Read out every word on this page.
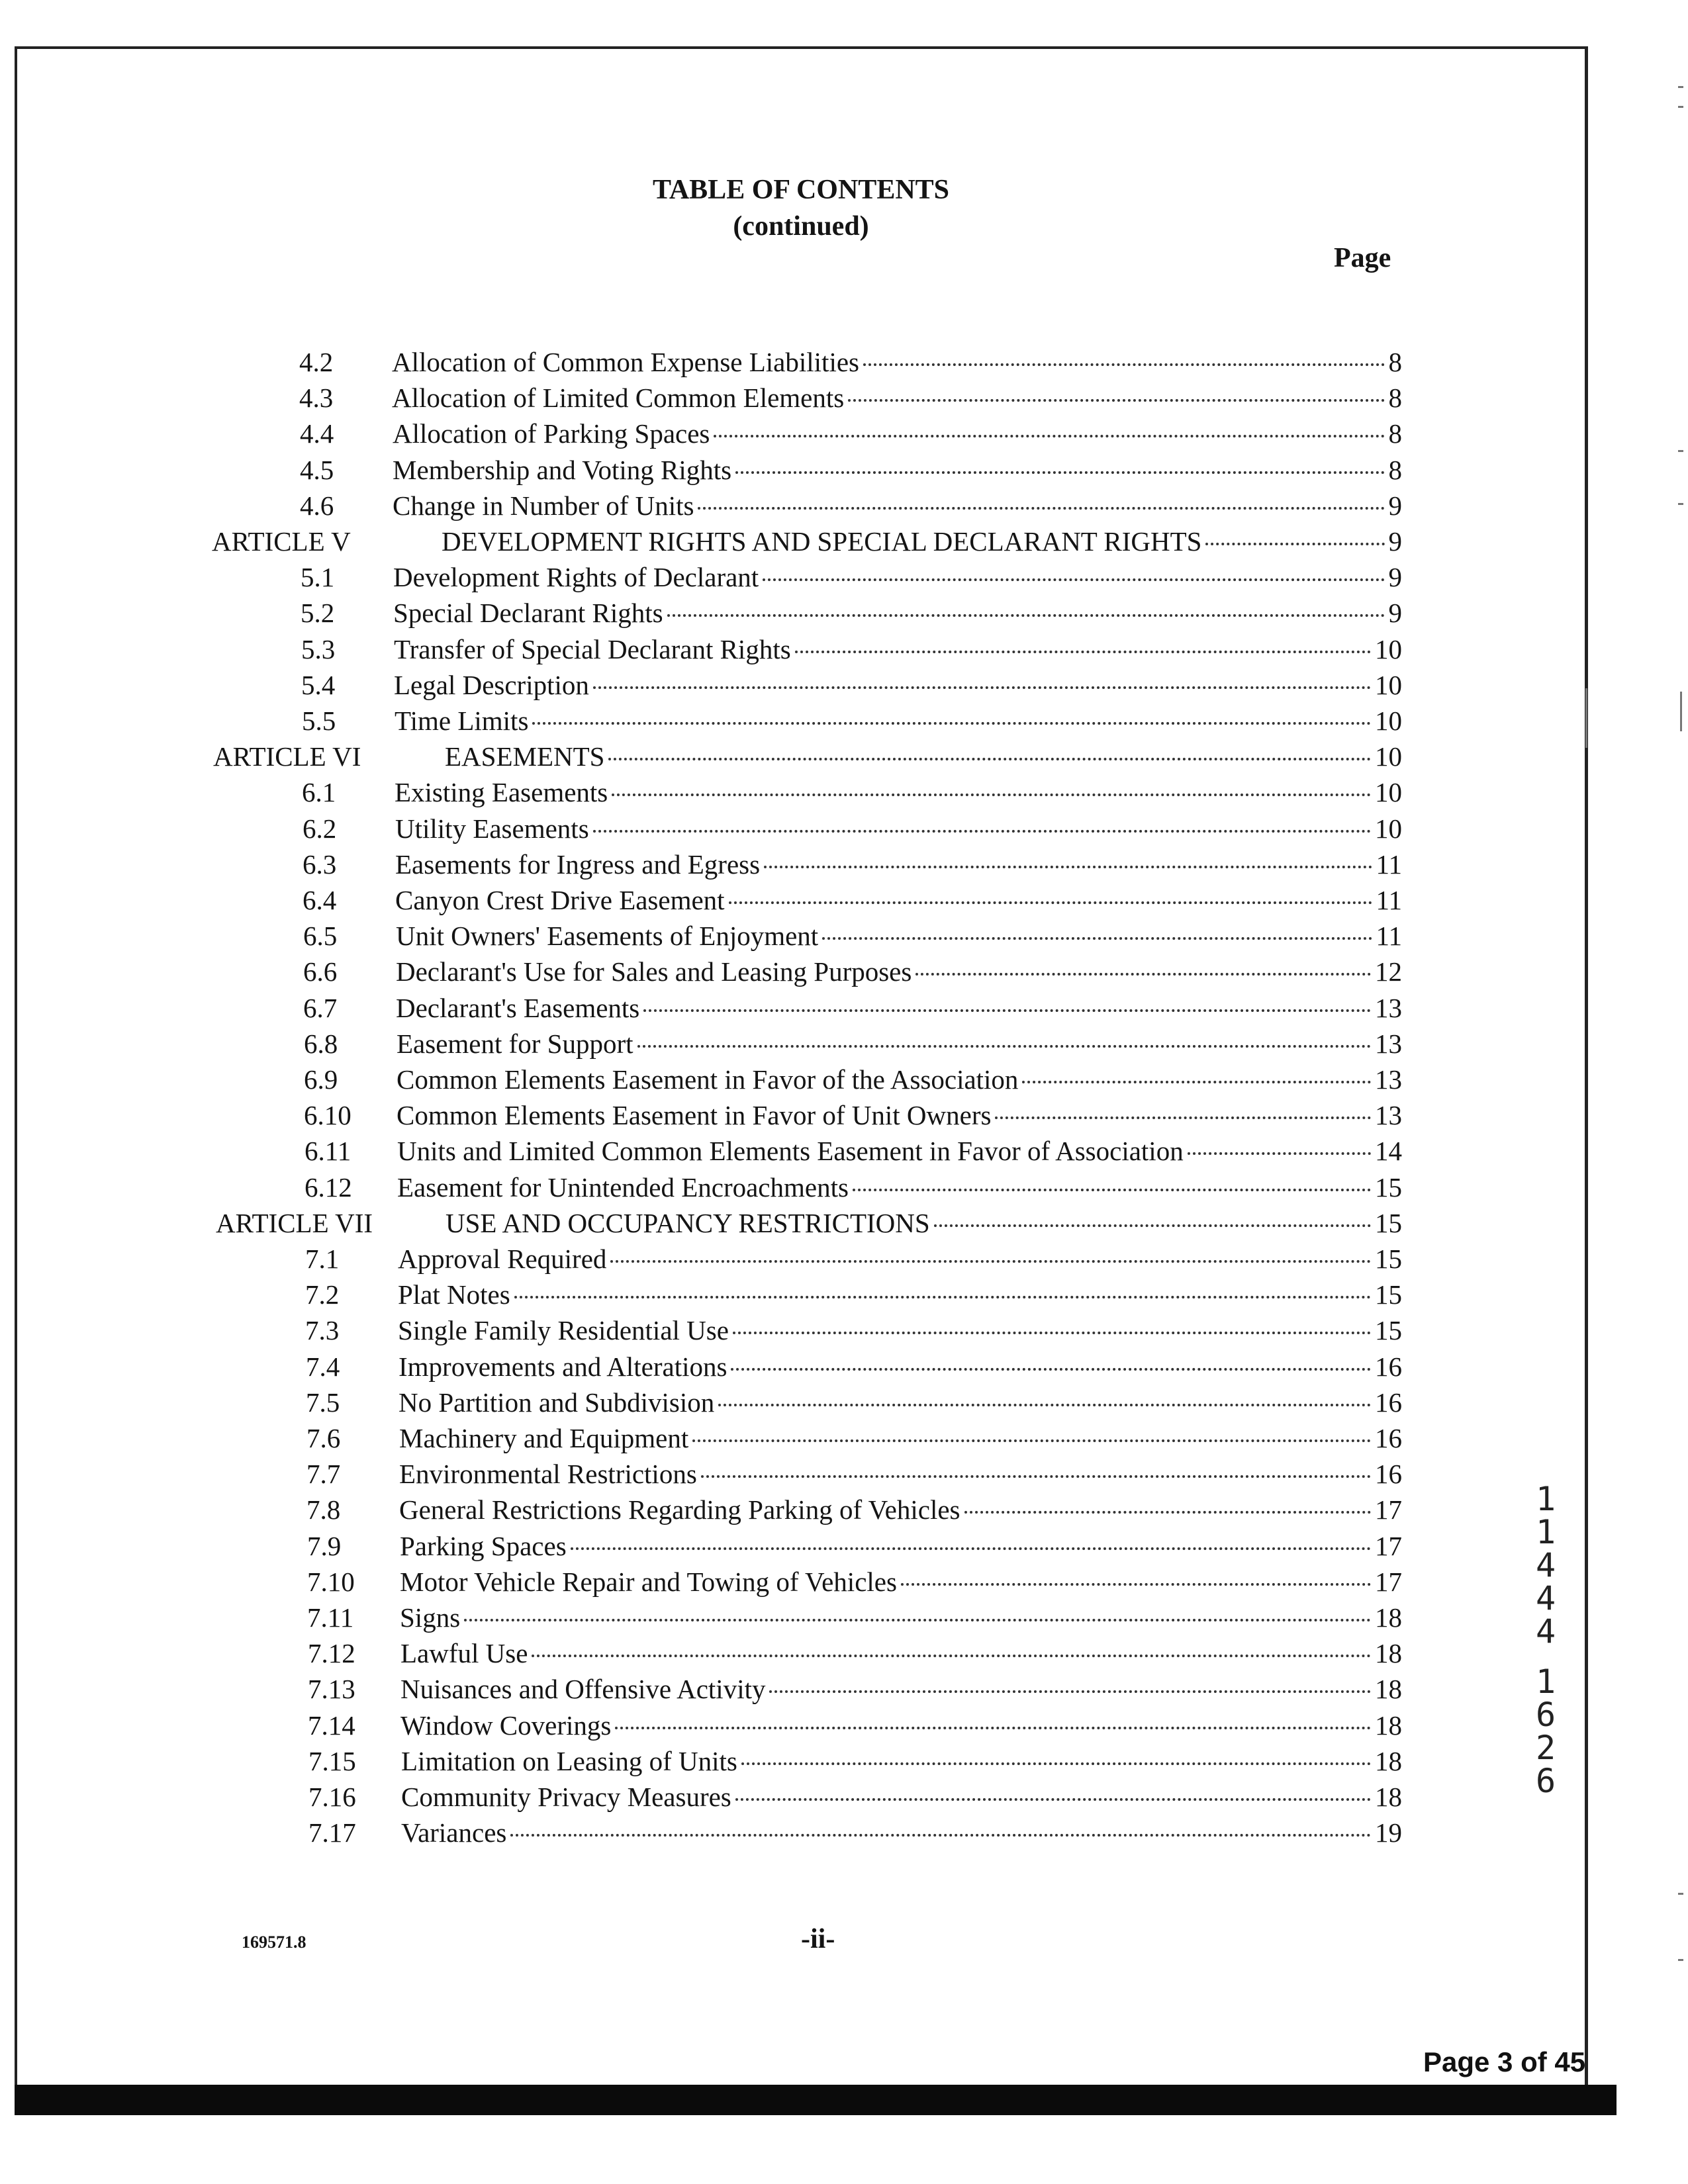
TABLE OF CONTENTS
(continued)
Page
4.2 Allocation of Common Expense Liabilities	8
4.3 Allocation of Limited Common Elements	8
4.4 Allocation of Parking Spaces	8
4.5 Membership and Voting Rights	8
4.6 Change in Number of Units	9
ARTICLE V	DEVELOPMENT RIGHTS AND SPECIAL DECLARANT RIGHTS	9
5.1 Development Rights of Declarant	9
5.2 Special Declarant Rights	9
5.3 Transfer of Special Declarant Rights	10
5.4 Legal Description	10
5.5 Time Limits	10
ARTICLE VI	EASEMENTS	10
6.1 Existing Easements	10
6.2 Utility Easements	10
6.3 Easements for Ingress and Egress	11
6.4 Canyon Crest Drive Easement	11
6.5 Unit Owners' Easements of Enjoyment	11
6.6 Declarant's Use for Sales and Leasing Purposes	12
6.7 Declarant's Easements	13
6.8 Easement for Support	13
6.9 Common Elements Easement in Favor of the Association	13
6.10 Common Elements Easement in Favor of Unit Owners	13
6.11 Units and Limited Common Elements Easement in Favor of Association	14
6.12 Easement for Unintended Encroachments	15
ARTICLE VII	USE AND OCCUPANCY RESTRICTIONS	15
7.1 Approval Required	15
7.2 Plat Notes	15
7.3 Single Family Residential Use	15
7.4 Improvements and Alterations	16
7.5 No Partition and Subdivision	16
7.6 Machinery and Equipment	16
7.7 Environmental Restrictions	16
7.8 General Restrictions Regarding Parking of Vehicles	17
7.9 Parking Spaces	17
7.10 Motor Vehicle Repair and Towing of Vehicles	17
7.11 Signs	18
7.12 Lawful Use	18
7.13 Nuisances and Offensive Activity	18
7.14 Window Coverings	18
7.15 Limitation on Leasing of Units	18
7.16 Community Privacy Measures	18
7.17 Variances	19
169571.8	-ii-
1
1
4
4
4
1
6
2
6
Page 3 of 45
